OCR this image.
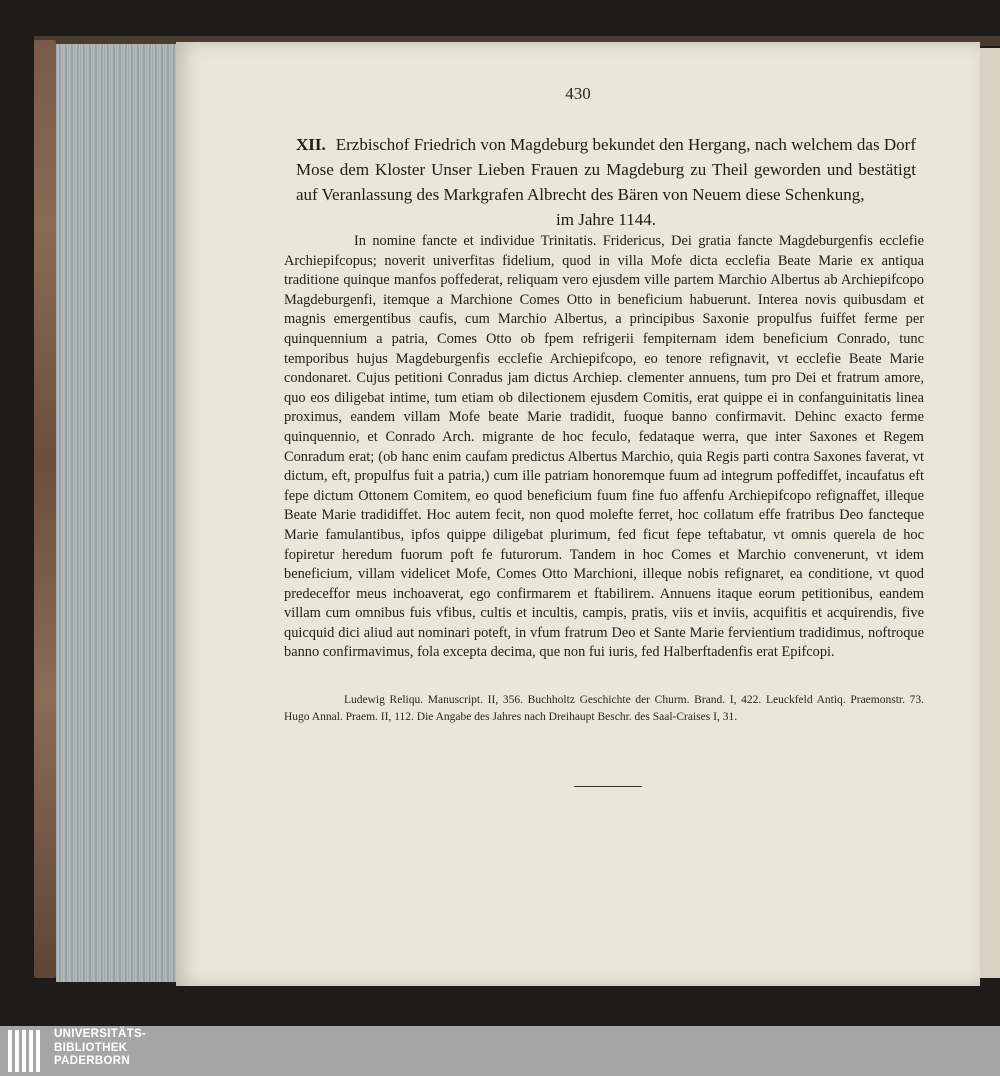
430
XII. Erzbischof Friedrich von Magdeburg bekundet den Hergang, nach welchem das Dorf Mose dem Kloster Unser Lieben Frauen zu Magdeburg zu Theil geworden und bestätigt auf Veranlassung des Markgrafen Albrecht des Bären von Neuem diese Schenkung,
im Jahre 1144.
In nomine fancte et individue Trinitatis. Fridericus, Dei gratia fancte Magdeburgenfis ecclefie Archiepifcopus; noverit univerfitas fidelium, quod in villa Mofe dicta ecclefia Beate Marie ex antiqua traditione quinque manfos poffederat, reliquam vero ejusdem ville partem Marchio Albertus ab Archiepifcopo Magdeburgenfi, itemque a Marchione Comes Otto in beneficium habuerunt. Interea novis quibusdam et magnis emergentibus caufis, cum Marchio Albertus, a principibus Saxonie propulfus fuiffet ferme per quinquennium a patria, Comes Otto ob fpem refrigerii fempiternam idem beneficium Conrado, tunc temporibus hujus Magdeburgenfis ecclefie Archiepifcopo, eo tenore refignavit, vt ecclefie Beate Marie condonaret. Cujus petitioni Conradus jam dictus Archiep. clementer annuens, tum pro Dei et fratrum amore, quo eos diligebat intime, tum etiam ob dilectionem ejusdem Comitis, erat quippe ei in confanguinitatis linea proximus, eandem villam Mofe beate Marie tradidit, fuoque banno confirmavit. Dehinc exacto ferme quinquennio, et Conrado Arch. migrante de hoc feculo, fedataque werra, que inter Saxones et Regem Conradum erat; (ob hanc enim caufam predictus Albertus Marchio, quia Regis parti contra Saxones faverat, vt dictum, eft, propulfus fuit a patria,) cum ille patriam honoremque fuum ad integrum poffediffet, incaufatus eft fepe dictum Ottonem Comitem, eo quod beneficium fuum fine fuo affenfu Archiepifcopo refignaffet, illeque Beate Marie tradidiffet. Hoc autem fecit, non quod molefte ferret, hoc collatum effe fratribus Deo fancteque Marie famulantibus, ipfos quippe diligebat plurimum, fed ficut fepe teftabatur, vt omnis querela de hoc fopiretur heredum fuorum poft fe futurorum. Tandem in hoc Comes et Marchio convenerunt, vt idem beneficium, villam videlicet Mofe, Comes Otto Marchioni, illeque nobis refignaret, ea conditione, vt quod predeceffor meus inchoaverat, ego confirmarem et ftabilirem. Annuens itaque eorum petitionibus, eandem villam cum omnibus fuis vfibus, cultis et incultis, campis, pratis, viis et inviis, acquifitis et acquirendis, five quicquid dici aliud aut nominari poteft, in vfum fratrum Deo et Sante Marie fervientium tradidimus, noftroque banno confirmavimus, fola excepta decima, que non fui iuris, fed Halberftadenfis erat Epifcopi.
Ludewig Reliqu. Manuscript. II, 356. Buchholtz Geschichte der Churm. Brand. I, 422. Leuckfeld Antiq. Praemonstr. 73. Hugo Annal. Praem. II, 112. Die Angabe des Jahres nach Dreihaupt Beschr. des Saal-Craises I, 31.
UNIVERSITÄTS-
BIBLIOTHEK
PADERBORN
